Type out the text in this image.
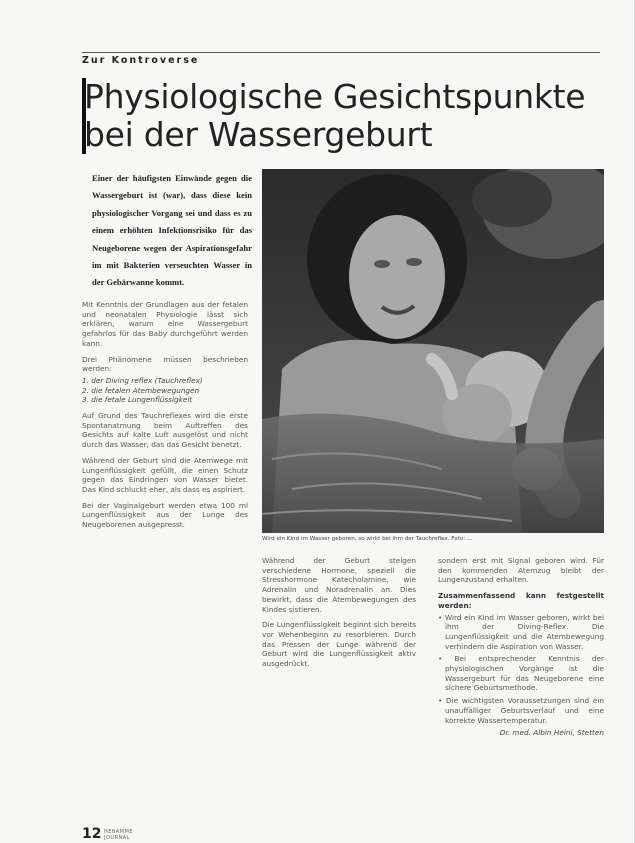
Zur Kontroverse
Physiologische Gesichtspunkte
bei der Wassergeburt
Einer der häufigsten Einwände gegen die Wassergeburt ist (war), dass diese kein physiologischer Vorgang sei und dass es zu einem erhöhten Infektionsrisiko für das Neugeborene wegen der Aspirationsgefahr im mit Bakterien verseuchten Wasser in der Gebärwanne kommt.
Wird ein Kind im Wasser geboren, so wirkt bei ihm der Tauchreflex. Foto: ...

Mit Kenntnis der Grundlagen aus der fetalen und neonatalen Physiologie lässt sich erklären, warum eine Wassergeburt gefahrlos für das Baby durchgeführt werden kann.

Drei Phänomene müssen beschrieben werden:

1. der Diving reflex (Tauchreflex)
2. die fetalen Atembewegungen
3. die fetale Lungenflüssigkeit

Auf Grund des Tauchreflexes wird die erste Spontanatmung beim Auftreffen des Gesichts auf kalte Luft ausgelöst und nicht durch das Wasser, das das Gesicht benetzt.

Während der Geburt sind die Atemwege mit Lungenflüssigkeit gefüllt, die einen Schutz gegen das Eindringen von Wasser bietet. Das Kind schluckt eher, als dass es aspiriert.

Bei der Vaginalgeburt werden etwa 100 ml Lungenflüssigkeit aus der Lunge des Neugeborenen ausgepresst.

Während der Geburt steigen verschiedene Hormone, speziell die Stresshormone Katecholamine, wie Adrenalin und Noradrenalin an. Dies bewirkt, dass die Atembewegungen des Kindes sistieren.

Die Lungenflüssigkeit beginnt sich bereits vor Wehenbeginn zu resorbieren. Durch das Pressen der Lunge während der Geburt wird die Lungenflüssigkeit aktiv ausgedrückt.

sondern erst mit Signal geboren wird. Für den kommenden Atemzug bleibt der Lungenzustand erhalten.

Zusammenfassend kann festgestellt werden:
• Wird ein Kind im Wasser geboren, wirkt bei ihm der Diving-Reflex. Die Lungenflüssigkeit und die Atembewegung verhindern die Aspiration von Wasser.
• Bei entsprechender Kenntnis der physiologischen Vorgänge ist die Wassergeburt für das Neugeborene eine sichere Geburtsmethode.
• Die wichtigsten Voraussetzungen sind ein unauffälliger Geburtsverlauf und eine korrekte Wassertemperatur.
Dr. med. Albin Heini, Stetten
12 HEBAMME
JOURNAL
